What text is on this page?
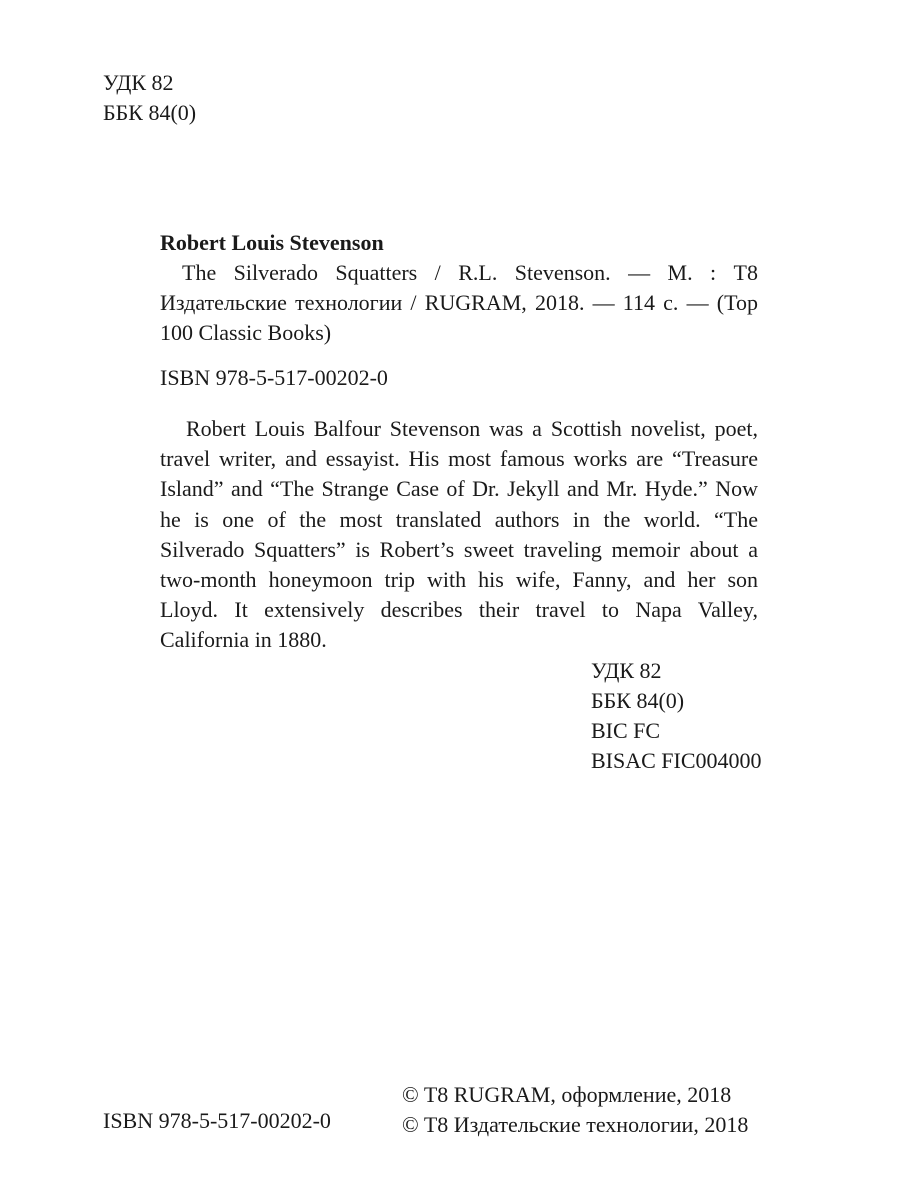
УДК 82
ББК 84(0)
Robert Louis Stevenson
The Silverado Squatters / R.L. Stevenson. — М. : T8 Издательские технологии / RUGRAM, 2018. — 114 с. — (Top 100 Classic Books)
ISBN 978-5-517-00202-0
Robert Louis Balfour Stevenson was a Scottish novelist, poet, travel writer, and essayist. His most famous works are “Treasure Island” and “The Strange Case of Dr. Jekyll and Mr. Hyde.” Now he is one of the most translated authors in the world. “The Silverado Squatters” is Robert’s sweet traveling memoir about a two-month honeymoon trip with his wife, Fanny, and her son Lloyd. It extensively describes their travel to Napa Valley, California in 1880.
УДК 82
ББК 84(0)
BIC FC
BISAC FIC004000
ISBN 978-5-517-00202-0
© T8 RUGRAM, оформление, 2018
© T8 Издательские технологии, 2018
